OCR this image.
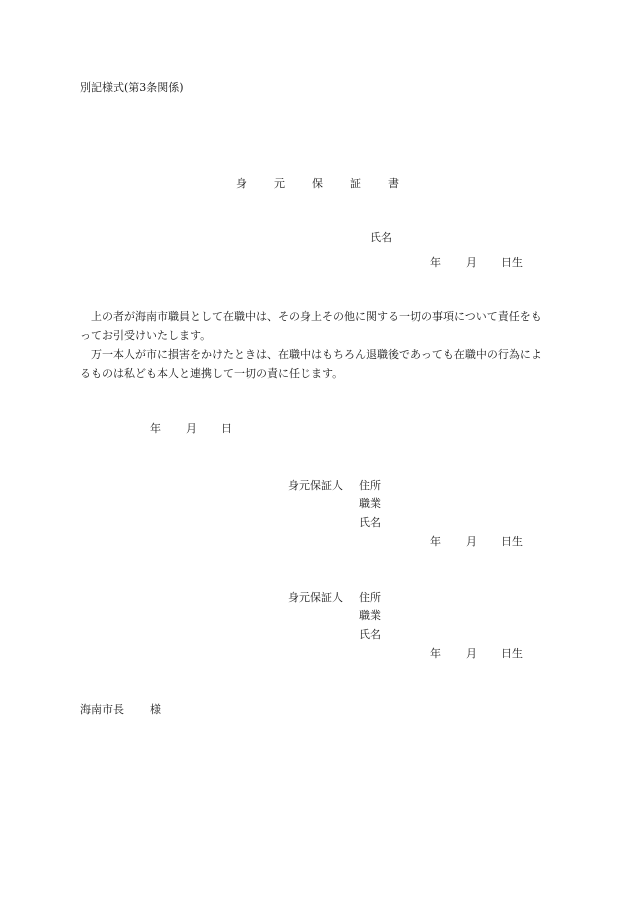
別記様式(第3条関係)
身 元 保 証 書
氏名
年 月 日生

上の者が海南市職員として在職中は、その身上その他に関する一切の事項について責任をもってお引受けいたします。

万一本人が市に損害をかけたときは、在職中はもちろん退職後であっても在職中の行為によるものは私ども本人と連携して一切の責に任じます。

年 月 日
身元保証人 住所
職業
氏名
年 月 日生
身元保証人 住所
職業
氏名
年 月 日生
海南市長 様
